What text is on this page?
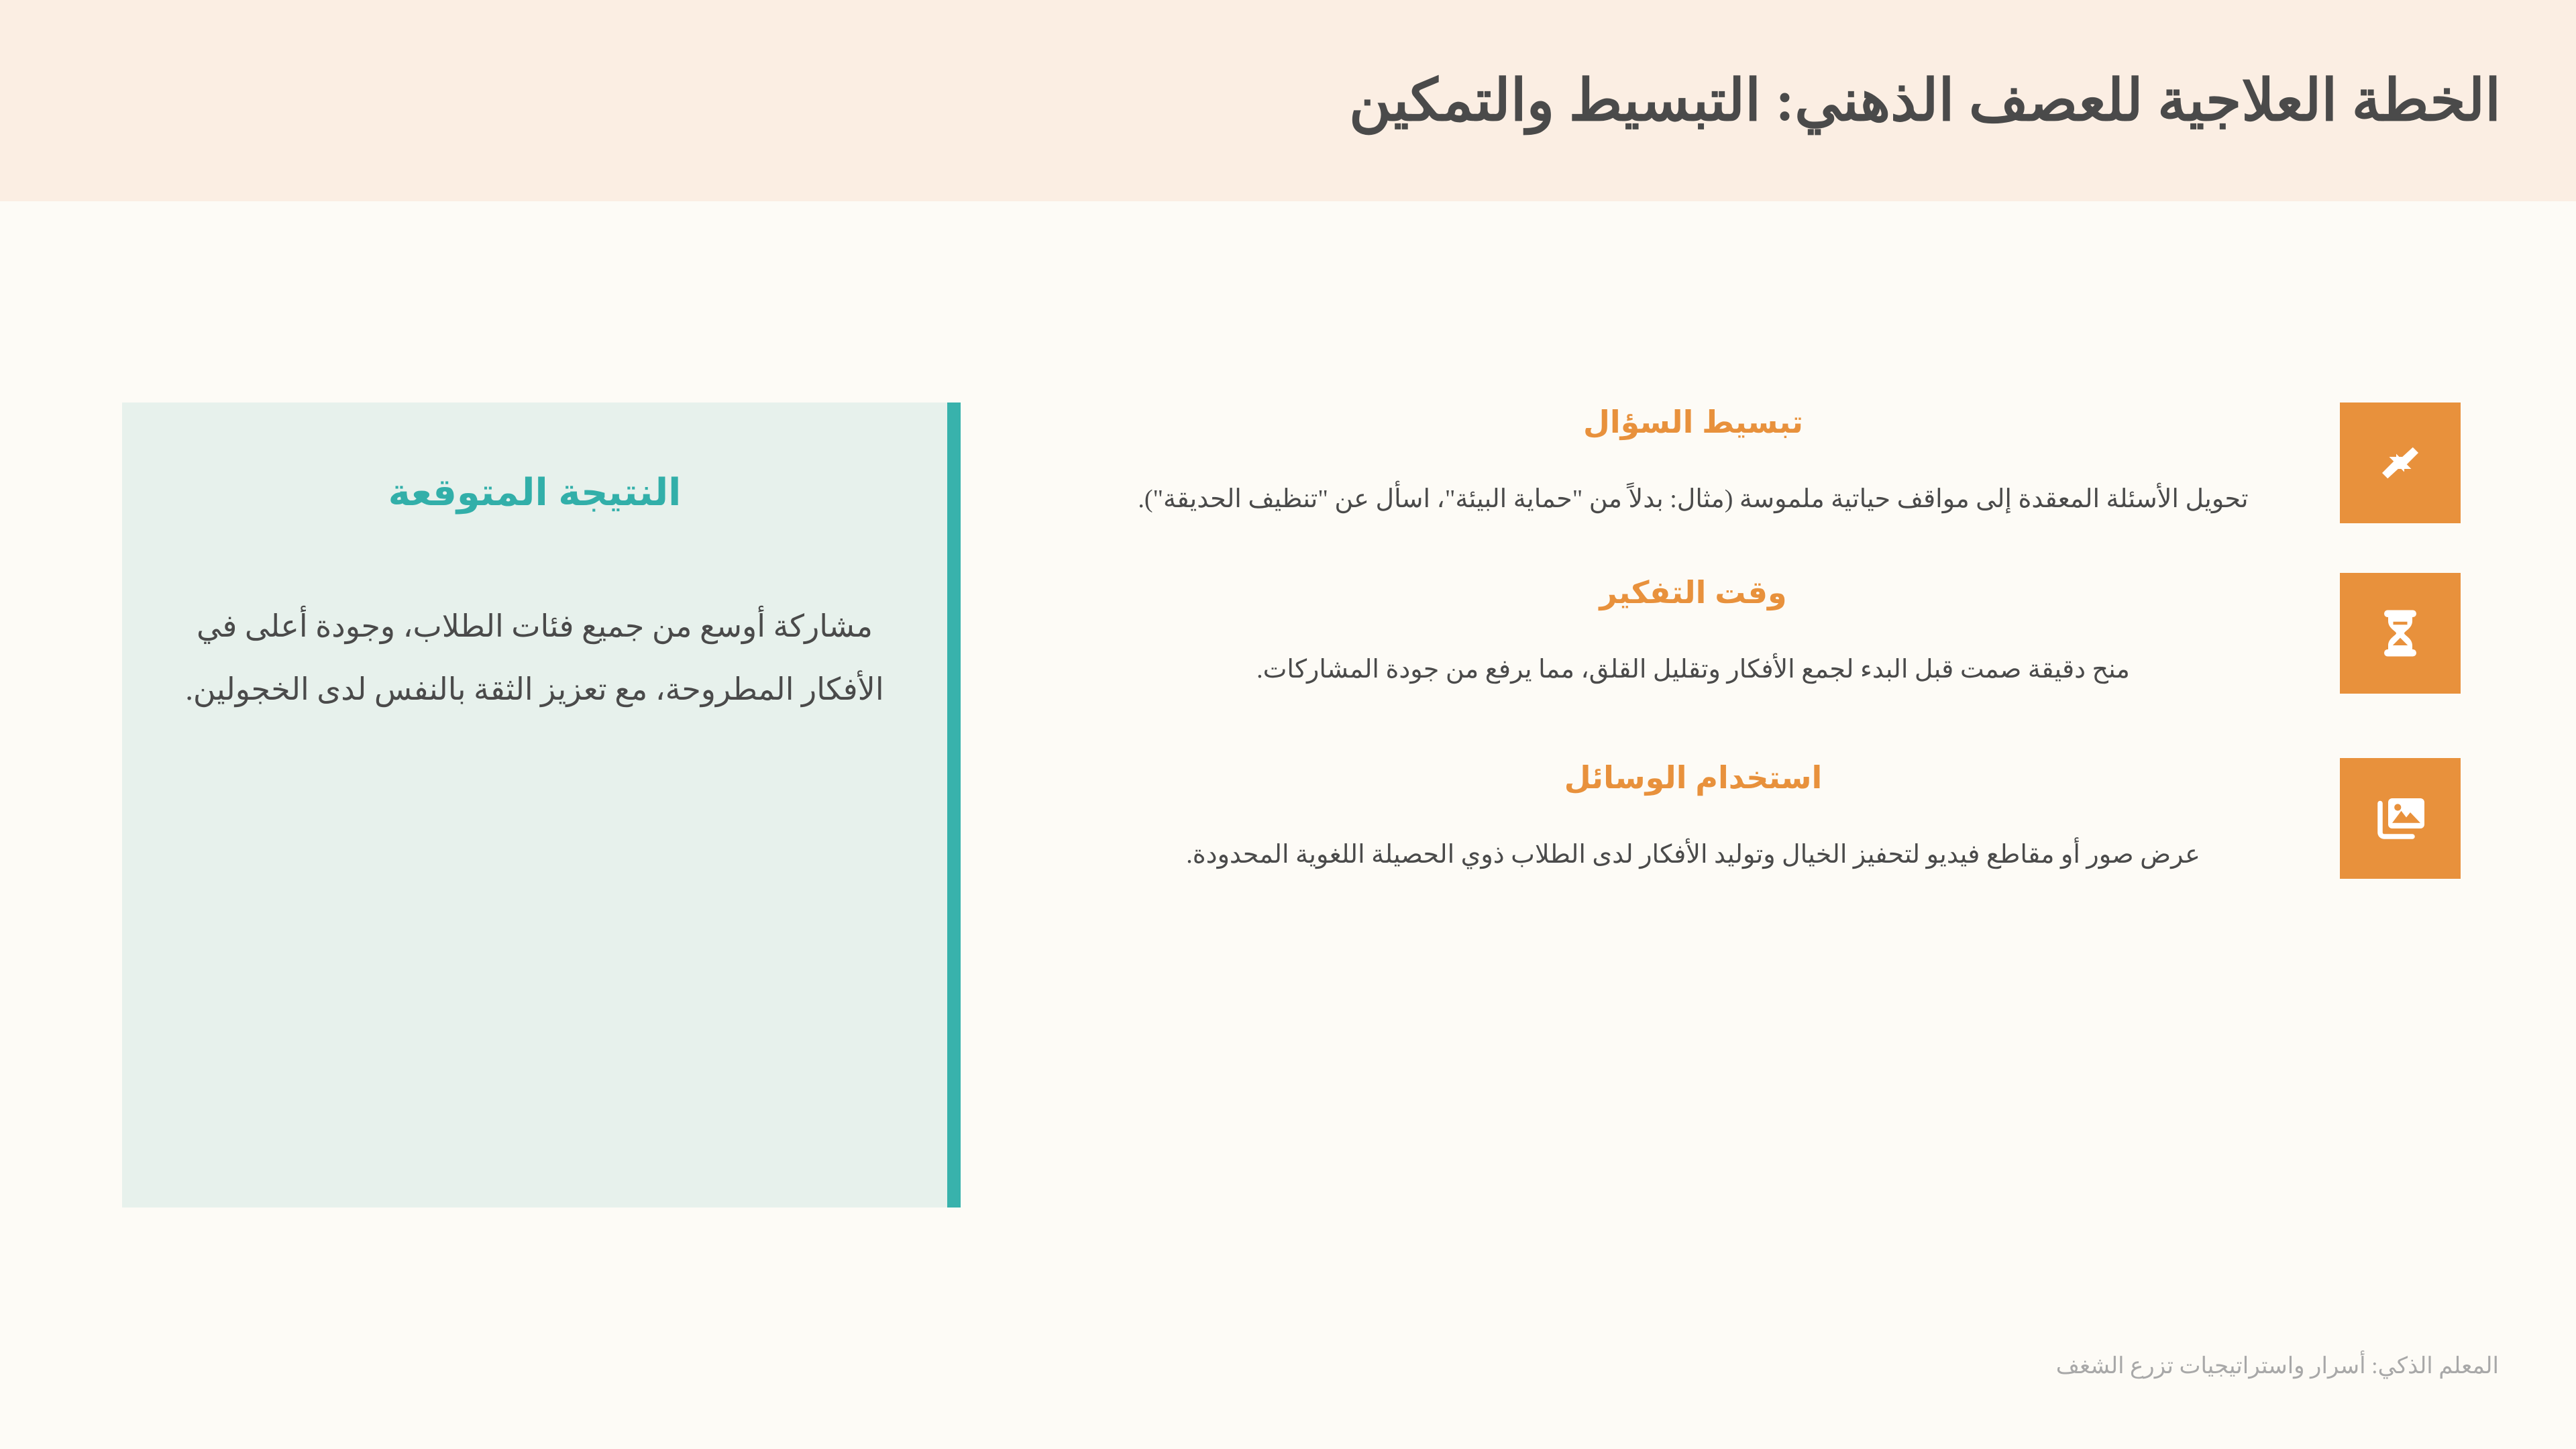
الخطة العلاجية للعصف الذهني: التبسيط والتمكين
النتيجة المتوقعة

مشاركة أوسع من جميع فئات الطلاب، وجودة أعلى في الأفكار المطروحة، مع تعزيز الثقة بالنفس لدى الخجولين.

تبسيط السؤال

تحويل الأسئلة المعقدة إلى مواقف حياتية ملموسة (مثال: بدلاً من "حماية البيئة"، اسأل عن "تنظيف الحديقة").

وقت التفكير

منح دقيقة صمت قبل البدء لجمع الأفكار وتقليل القلق، مما يرفع من جودة المشاركات.

استخدام الوسائل

عرض صور أو مقاطع فيديو لتحفيز الخيال وتوليد الأفكار لدى الطلاب ذوي الحصيلة اللغوية المحدودة.

المعلم الذكي: أسرار واستراتيجيات تزرع الشغف
